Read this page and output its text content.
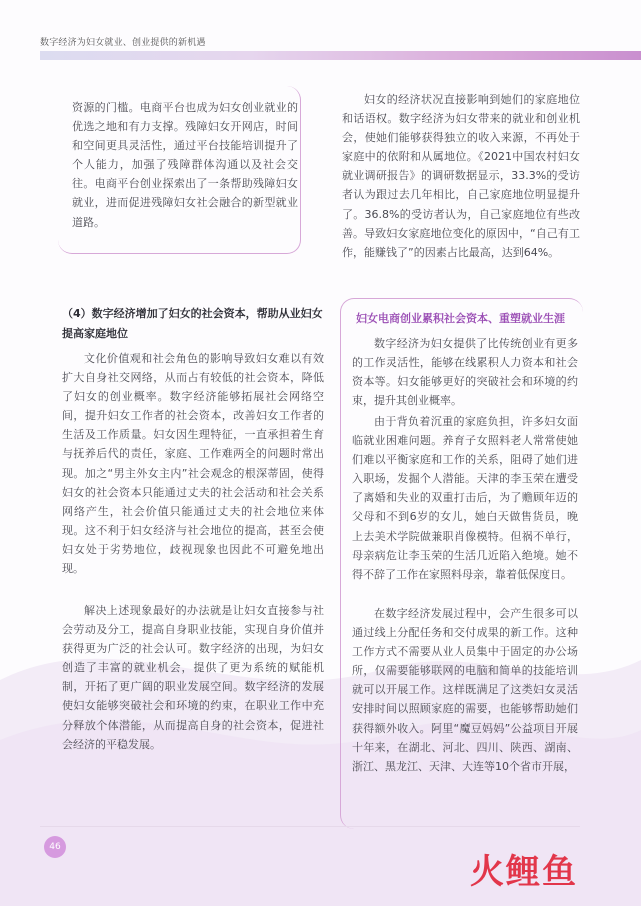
数字经济为妇女就业、创业提供的新机遇

资源的门槛。电商平台也成为妇女创业就业的优选之地和有力支撑。残障妇女开网店，时间和空间更具灵活性，通过平台技能培训提升了个人能力，加强了残障群体沟通以及社会交往。电商平台创业探索出了一条帮助残障妇女就业，进而促进残障妇女社会融合的新型就业道路。

（4）数字经济增加了妇女的社会资本，帮助从业妇女提高家庭地位

文化价值观和社会角色的影响导致妇女难以有效扩大自身社交网络，从而占有较低的社会资本，降低了妇女的创业概率。数字经济能够拓展社会网络空间，提升妇女工作者的社会资本，改善妇女工作者的生活及工作质量。妇女因生理特征，一直承担着生育与抚养后代的责任，家庭、工作难两全的问题时常出现。加之“男主外女主内”社会观念的根深蒂固，使得妇女的社会资本只能通过丈夫的社会活动和社会关系网络产生，社会价值只能通过丈夫的社会地位来体现。这不利于妇女经济与社会地位的提高，甚至会使妇女处于劣势地位，歧视现象也因此不可避免地出现。

解决上述现象最好的办法就是让妇女直接参与社会劳动及分工，提高自身职业技能，实现自身价值并获得更为广泛的社会认可。数字经济的出现，为妇女创造了丰富的就业机会，提供了更为系统的赋能机制，开拓了更广阔的职业发展空间。数字经济的发展使妇女能够突破社会和环境的约束，在职业工作中充分释放个体潜能，从而提高自身的社会资本，促进社会经济的平稳发展。

妇女的经济状况直接影响到她们的家庭地位和话语权。数字经济为妇女带来的就业和创业机会，使她们能够获得独立的收入来源，不再处于家庭中的依附和从属地位。《2021中国农村妇女就业调研报告》的调研数据显示，33.3%的受访者认为跟过去几年相比，自己家庭地位明显提升了。36.8%的受访者认为，自己家庭地位有些改善。导致妇女家庭地位变化的原因中，“自己有工作，能赚钱了”的因素占比最高，达到64%。

妇女电商创业累积社会资本、重塑就业生涯

数字经济为妇女提供了比传统创业有更多的工作灵活性，能够在线累积人力资本和社会资本等。妇女能够更好的突破社会和环境的约束，提升其创业概率。

由于背负着沉重的家庭负担，许多妇女面临就业困难问题。养育子女照料老人常常使她们难以平衡家庭和工作的关系，阻碍了她们进入职场，发掘个人潜能。天津的李玉荣在遭受了离婚和失业的双重打击后，为了赡顾年迈的父母和不到6岁的女儿，她白天做售货员，晚上去美术学院做兼职肖像模特。但祸不单行，母亲病危让李玉荣的生活几近陷入绝境。她不得不辞了工作在家照料母亲，靠着低保度日。

在数字经济发展过程中，会产生很多可以通过线上分配任务和交付成果的新工作。这种工作方式不需要从业人员集中于固定的办公场所，仅需要能够联网的电脑和简单的技能培训就可以开展工作。这样既满足了这类妇女灵活安排时间以照顾家庭的需要，也能够帮助她们获得额外收入。阿里“魔豆妈妈”公益项目开展十年来，在湖北、河北、四川、陕西、湖南、浙江、黑龙江、天津、大连等10个省市开展，

46
火鲤鱼
